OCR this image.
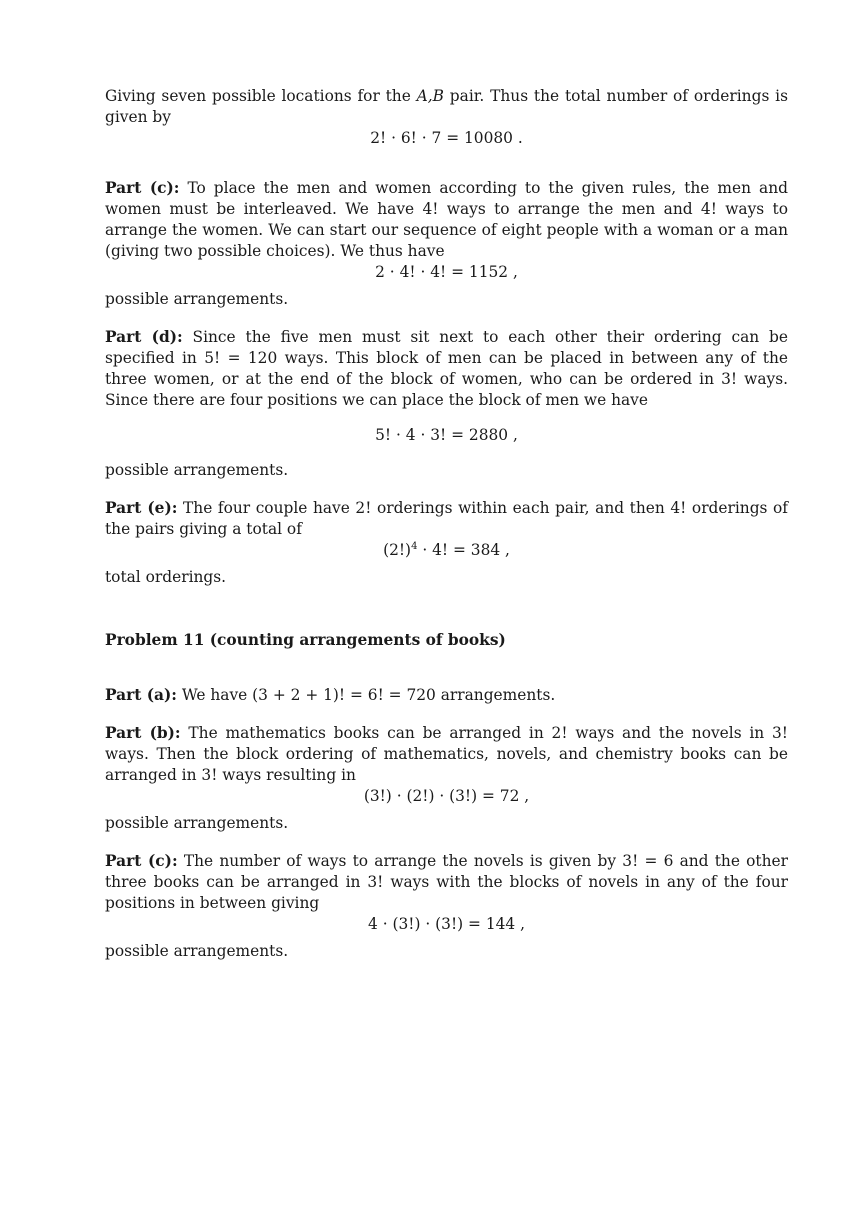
Giving seven possible locations for the A,B pair. Thus the total number of orderings is given by

2! · 6! · 7 = 10080 .

Part (c): To place the men and women according to the given rules, the men and women must be interleaved. We have 4! ways to arrange the men and 4! ways to arrange the women. We can start our sequence of eight people with a woman or a man (giving two possible choices). We thus have

2 · 4! · 4! = 1152 ,

possible arrangements.

Part (d): Since the five men must sit next to each other their ordering can be specified in 5! = 120 ways. This block of men can be placed in between any of the three women, or at the end of the block of women, who can be ordered in 3! ways. Since there are four positions we can place the block of men we have

5! · 4 · 3! = 2880 ,

possible arrangements.

Part (e): The four couple have 2! orderings within each pair, and then 4! orderings of the pairs giving a total of

$(2!)^4 \cdot 4$! = 384 ,

total orderings.

Problem 11 (counting arrangements of books)

Part (a): We have (3 + 2 + 1)! = 6! = 720 arrangements.

Part (b): The mathematics books can be arranged in 2! ways and the novels in 3! ways. Then the block ordering of mathematics, novels, and chemistry books can be arranged in 3! ways resulting in

(3!) · (2!) · (3!) = 72 ,

possible arrangements.

Part (c): The number of ways to arrange the novels is given by 3! = 6 and the other three books can be arranged in 3! ways with the blocks of novels in any of the four positions in between giving

4 · (3!) · (3!) = 144 ,

possible arrangements.
